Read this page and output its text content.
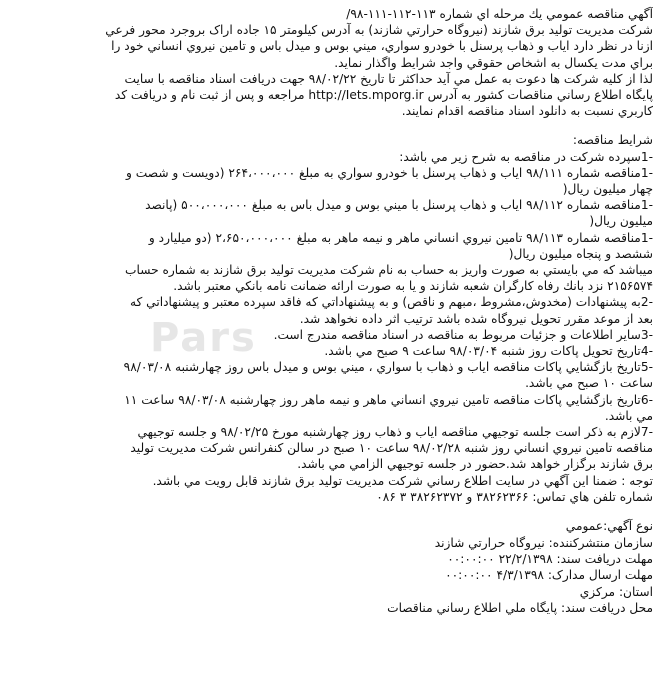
Pars
آگهي مناقصه عمومي يك مرحله اي شماره ۱۱۳-۱۱۲-۱۱۱-۹۸/
شرکت مديريت توليد برق شازند (نيروگاه حرارتي شازند) به آدرس کيلومتر ۱۵ جاده اراک بروجرد محور فرعي
ازنا در نظر دارد اياب و ذهاب پرسنل با خودرو سواري، ميني بوس و ميدل باس و تامين نيروي انساني خود را
براي مدت يکسال به اشخاص حقوقي واجد شرايط واگذار نمايد.
لذا از کليه شرکت ها دعوت به عمل مي آيد حداکثر تا تاريخ ۹۸/۰۲/۲۲ جهت دريافت اسناد مناقصه با سايت
پايگاه اطلاع رساني مناقصات کشور به آدرس http://Iets.mporg.ir مراجعه و پس از ثبت نام و دريافت کد
کاربري نسبت به دانلود اسناد مناقصه اقدام نمايند.
شرايط مناقصه:
-1سپرده شرکت در مناقصه به شرح زير مي باشد:
-1مناقصه شماره ۹۸/۱۱۱ اياب و ذهاب پرسنل با خودرو سواري به مبلغ ۲۶۴،۰۰۰،۰۰۰ (دويست و شصت و
چهار ميليون ريال(
-1مناقصه شماره ۹۸/۱۱۲ اياب و ذهاب پرسنل با ميني بوس و ميدل باس به مبلغ ۵۰۰،۰۰۰،۰۰۰ (پانصد
ميليون ريال(
-1مناقصه شماره ۹۸/۱۱۳ تامين نيروي انساني ماهر و نيمه ماهر به مبلغ ۲،۶۵۰،۰۰۰،۰۰۰ (دو ميليارد و
ششصد و پنجاه ميليون ريال(
ميباشد که مي بايستي به صورت واريز به حساب به نام شرکت مديريت توليد برق شازند به شماره حساب
۲۱۵۶۵۷۴ نزد بانك رفاه کارگران شعبه شازند و يا به صورت ارائه ضمانت نامه بانکي معتبر باشد.
-2به پيشنهادات (مخدوش،مشروط ،مبهم و ناقص) و به پيشنهاداتي که فاقد سپرده معتبر و پيشنهاداتي که
بعد از موعد مقرر تحويل نيروگاه شده باشد ترتيب اثر داده نخواهد شد.
-3ساير اطلاعات و جزئيات مربوط به مناقصه در اسناد مناقصه مندرج است.
-4تاريخ تحويل پاکات روز شنبه ۹۸/۰۳/۰۴ ساعت ۹ صبح مي باشد.
-5تاريخ بازگشايي پاکات مناقصه اياب و ذهاب با سواري ، ميني بوس و ميدل باس روز چهارشنبه ۹۸/۰۳/۰۸
ساعت ۱۰ صبح مي باشد.
-6تاريخ بازگشايي پاکات مناقصه تامين نيروي انساني ماهر و نيمه ماهر روز چهارشنبه ۹۸/۰۳/۰۸ ساعت ۱۱
مي باشد.
-7لازم به ذکر است جلسه توجيهي مناقصه اياب و ذهاب روز چهارشنبه مورخ ۹۸/۰۲/۲۵ و جلسه توجيهي
مناقصه تامين نيروي انساني روز شنبه ۹۸/۰۲/۲۸ ساعت ۱۰ صبح در سالن کنفرانس شرکت مديريت توليد
برق شازند برگزار خواهد شد.حضور در جلسه توجيهي الزامي مي باشد.
توجه : ضمنا اين آگهي در سايت اطلاع رساني شرکت مديريت توليد برق شازند قابل رويت مي باشد.
شماره تلفن هاي تماس: ۳۸۲۶۲۳۶۶ و ۳۸۲۶۲۳۷۲ ۳ ۰۸۶
نوع آگهي:عمومي
سازمان منتشرکننده: نيروگاه حرارتي شازند
مهلت دريافت سند: ۲۲/۲/۱۳۹۸ ۰۰:۰۰:۰۰
مهلت ارسال مدارک: ۴/۳/۱۳۹۸ ۰۰:۰۰:۰۰
استان: مرکزي
محل دريافت سند: پايگاه ملي اطلاع رساني مناقصات
